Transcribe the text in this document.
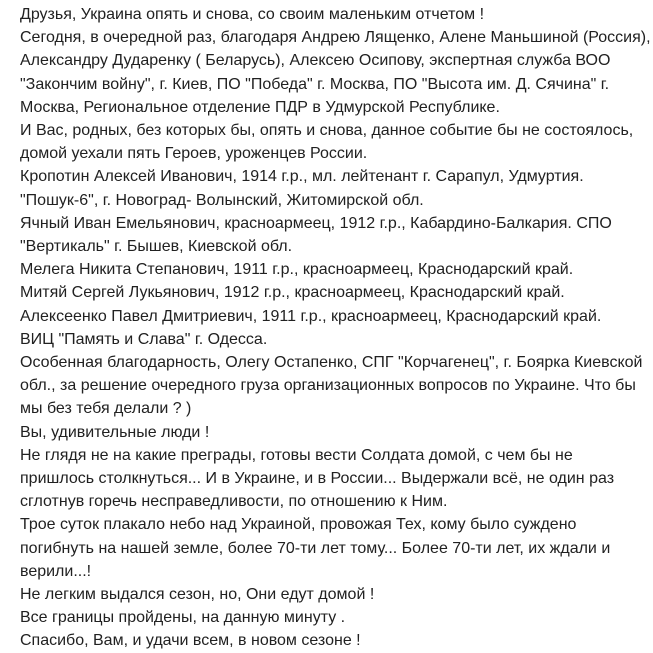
Друзья, Украина опять и снова, со своим маленьким отчетом !
Сегодня, в очередной раз, благодаря Андрею Лященко, Алене Маньшиной (Россия),
Александру Дударенку ( Беларусь), Алексею Осипову, экспертная служба ВОО
"Закончим войну", г. Киев, ПО "Победа" г. Москва, ПО "Высота им. Д. Сячина" г.
Москва, Региональное отделение ПДР в Удмурской Республике.
И Вас, родных, без которых бы, опять и снова, данное событие бы не состоялось,
домой уехали пять Героев, уроженцев России.
Кропотин Алексей Иванович, 1914 г.р., мл. лейтенант г. Сарапул, Удмуртия.
"Пошук-6", г. Новоград- Волынский, Житомирской обл.
Ячный Иван Емельянович, красноармеец, 1912 г.р., Кабардино-Балкария. СПО
"Вертикаль" г. Бышев, Киевской обл.
Мелега Никита Степанович, 1911 г.р., красноармеец, Краснодарский край.
Митяй Сергей Лукьянович, 1912 г.р., красноармеец, Краснодарский край.
Алексеенко Павел Дмитриевич, 1911 г.р., красноармеец, Краснодарский край.
ВИЦ "Память и Слава" г. Одесса.
Особенная благодарность, Олегу Остапенко, СПГ "Корчагенец", г. Боярка Киевской
обл., за решение очередного груза организационных вопросов по Украине. Что бы
мы без тебя делали ? )
Вы, удивительные люди !
Не глядя не на какие преграды, готовы вести Солдата домой, с чем бы не
пришлось столкнуться... И в Украине, и в России... Выдержали всё, не один раз
сглотнув горечь несправедливости, по отношению к Ним.
Трое суток плакало небо над Украиной, провожая Тех, кому было суждено
погибнуть на нашей земле, более 70-ти лет тому... Более 70-ти лет, их ждали и
верили...!
Не легким выдался сезон, но, Они едут домой !
Все границы пройдены, на данную минуту .
Спасибо, Вам, и удачи всем, в новом сезоне !
